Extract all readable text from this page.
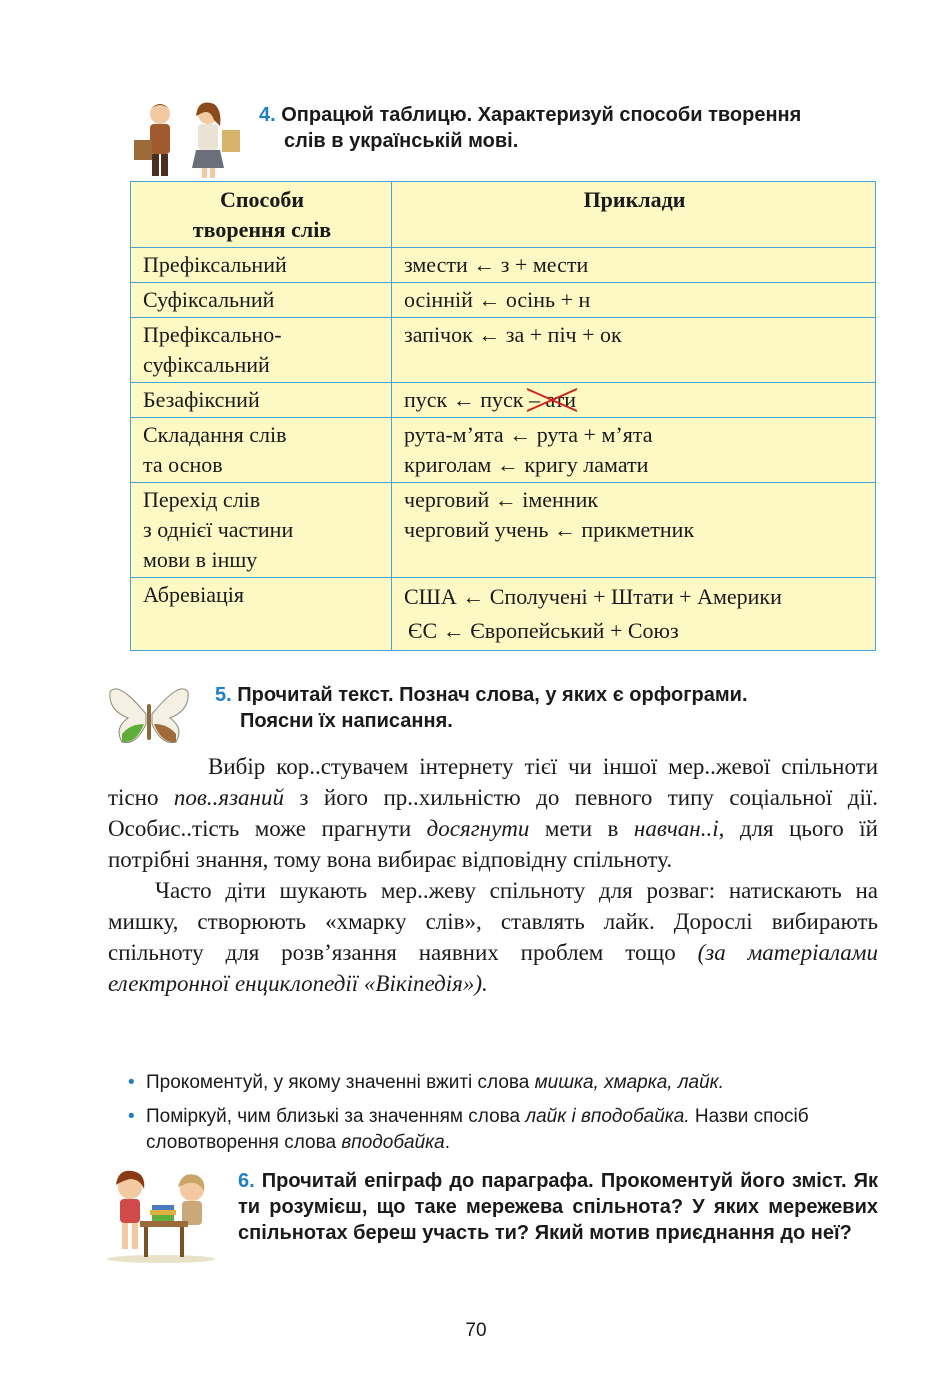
4. Опрацюй таблицю. Характеризуй способи творення
слів в українській мові.
Способи
творення слів	Приклади

Префіксальний	змести ← з + мести

Суфіксальний	осінній ← осінь + н

Префіксально-
суфіксальний	запічок ← за + піч + ок

Безафіксний	пуск ← пуск – ати

Складання слів
та основ	рута-м’ята ← рута + м’ята
криголам ← кригу ламати

Перехід слів
з однієї частини
мови в іншу	черговий ← іменник
черговий учень ← прикметник

Абревіація	США ← Сполучені + Штати + Америки
ЄС ← Європейський + Союз
5. Прочитай текст. Познач слова, у яких є орфограми.
Поясни їх написання.

Вибір кор..стувачем інтернету тієї чи іншої мер..жевої спільноти тісно пов..язаний з його пр..хильністю до певного типу соціальної дії. Особис..тість може прагнути досягнути мети в навчан..і, для цього їй потрібні знання, тому вона вибирає відповідну спільноту.

Часто діти шукають мер..жеву спільноту для розваг: натискають на мишку, створюють «хмарку слів», ставлять лайк. Дорослі вибирають спільноту для розв’язання наявних проблем тощо (за матеріалами електронної енциклопедії «Вікіпедія»).

• Прокоментуй, у якому значенні вжиті слова мишка, хмарка, лайк.
• Поміркуй, чим близькі за значенням слова лайк і вподобайка. Назви спосіб словотворення слова вподобайка.
6. Прочитай епіграф до параграфа. Прокоментуй його зміст. Як ти розумієш, що таке мережева спільнота? У яких мережевих спільнотах береш участь ти? Який мотив приєднання до неї?
70
